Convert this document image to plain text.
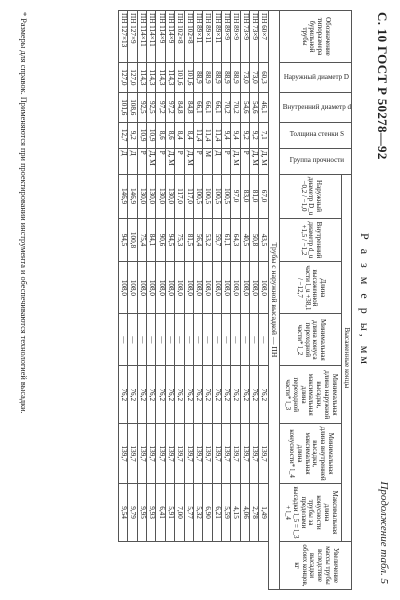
С. 10 ГОСТ Р 50278—92
Продолжение табл. 5
Р а з м е р ы, мм
Обозначение типоразмера бурильной трубы	Наружный диаметр D	Внутренний диаметр d	Толщина стенки S	Группа прочности	Высаженные концы							Увеличение массы трубы вследствие высадки обоих концов, кг
					Наружный диаметр D_u −0,2 / −1,0	Внутренний диаметр d_u +1,5 / −1,2	Длина высаженной части l_u +38,1 / −12,7	Минимальная длина конуса переходной части* l_2	Минимальная длина наружной высадки, максимальная длина переходной части* l_3	Минимальная длина внутренней высадки, максимальная длина конусности* l_4	Максимальная длина конусности трубы за пределами высадки l_5 = l_3 + l_4	
Трубы с наружной высадкой — ПН												
ПН 60×7	60,3	46,1	7,1	Д, М	67,0	43,5	108,0	—	76,2	139,7	1,49	
ПН 73×9	73,0	54,6	9,2	Д, М	81,0	50,8	108,0	—	76,2	139,7	2,78	
ПН 73×9	73,0	54,6	9,2	Р	83,0	40,5	108,0	—	76,2	139,7	4,06	
ПН 89×9	88,9	70,2	9,4	Д, М	97,0	64,3	108,0	—	76,2	139,7	4,15	
ПН 89×9	88,9	70,2	9,4	Р	100,5	61,1	108,0	—	76,2	139,7	5,59	
ПН 89×11	88,9	66,1	11,4	Д	100,5	59,7	108,0	—	76,2	139,7	6,21	
ПН 89×11	88,9	66,1	11,4	М	100,5	53,2	108,0	—	76,2	139,7	6,90	
ПН 89×11	88,9	66,1	11,4	Р	100,5	56,4	108,0	—	76,2	139,7	5,32	
ПН 102×8	101,6	84,8	8,4	Д, М	117,0	81,5	108,0	—	76,2	139,7	5,77	
ПН 102×8	101,6	84,8	8,4	Р	117,0	75,3	108,0	—	76,2	139,7	7,00	
ПН 114×9	114,3	97,2	8,6	Д, М	130,0	94,5	108,0	—	76,2	139,7	5,91	
ПН 114×9	114,3	97,2	8,6	Р	130,0	90,6	108,0	—	76,2	139,7	6,41	
ПН 114×11	114,3	92,5	10,9	Д, М	130,0	84,1	108,0	—	76,2	139,7	9,93	
ПН 114×11	114,3	92,5	10,9	Р	130,0	75,4	108,0	—	76,2	139,7	9,95	
ПН 127×9	127,0	108,6	9,2	Д	146,9	100,8	108,0	—	76,2	139,7	9,79	
ПН 127×13	127,0	101,6	12,7	Д	146,9	94,5	108,0	—	76,2	139,7	9,54	
* Размеры для справок. Применяются при проектировании инструмента и обеспечиваются технологией высадки.
